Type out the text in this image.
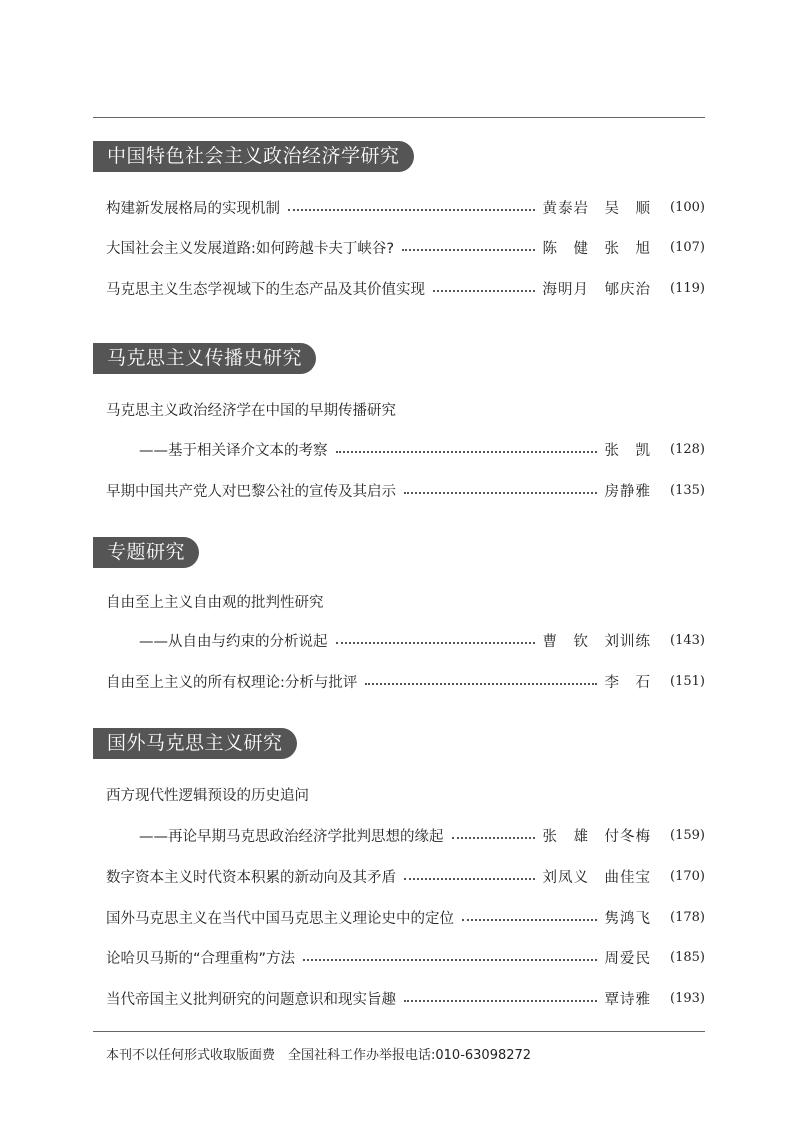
中国特色社会主义政治经济学研究
构建新发展格局的实现机制	黄泰岩　吴　顺	(100)
大国社会主义发展道路:如何跨越卡夫丁峡谷?	陈　健　张　旭	(107)
马克思主义生态学视域下的生态产品及其价值实现	海明月　郇庆治	(119)
马克思主义传播史研究
马克思主义政治经济学在中国的早期传播研究
——基于相关译介文本的考察	张　凯	(128)
早期中国共产党人对巴黎公社的宣传及其启示	房静雅	(135)
专题研究
自由至上主义自由观的批判性研究
——从自由与约束的分析说起	曹　钦　刘训练	(143)
自由至上主义的所有权理论:分析与批评	李　石	(151)
国外马克思主义研究
西方现代性逻辑预设的历史追问
——再论早期马克思政治经济学批判思想的缘起	张　雄　付冬梅	(159)
数字资本主义时代资本积累的新动向及其矛盾	刘凤义　曲佳宝	(170)
国外马克思主义在当代中国马克思主义理论史中的定位	隽鸿飞	(178)
论哈贝马斯的“合理重构”方法	周爱民	(185)
当代帝国主义批判研究的问题意识和现实旨趣	覃诗雅	(193)
本刊不以任何形式收取版面费　全国社科工作办举报电话:010-63098272
